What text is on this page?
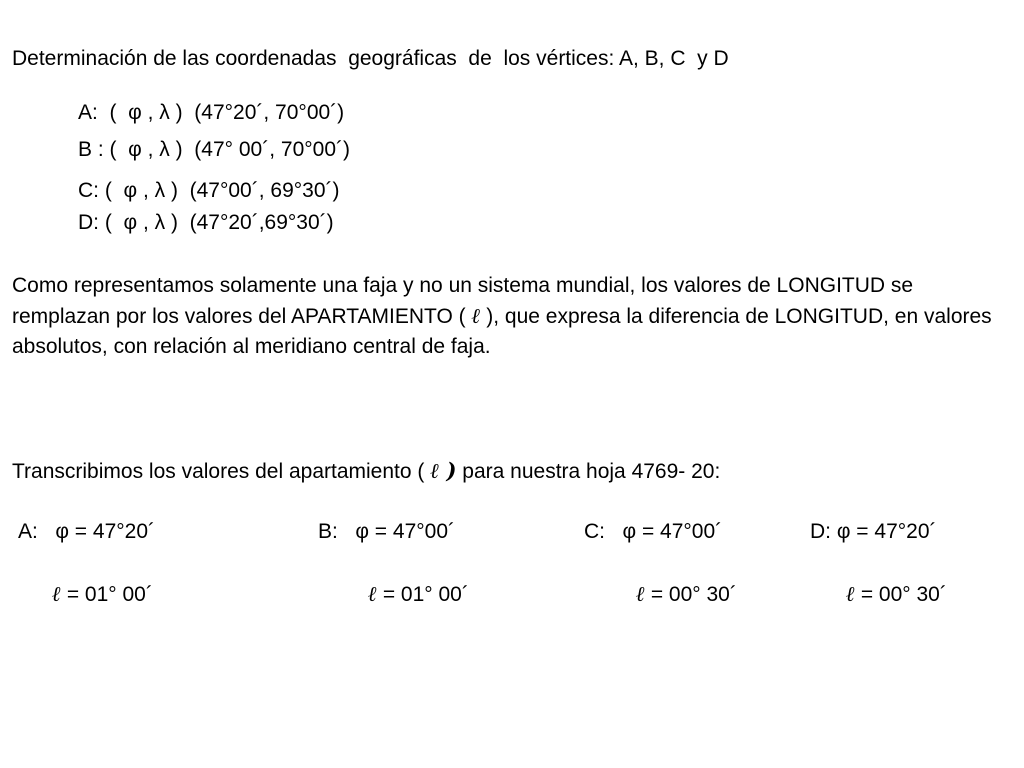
Determinación de las coordenadas  geográficas  de  los vértices: A, B, C  y D
A:  (  φ , λ )  (47°20´, 70°00´)
B : (  φ , λ )  (47° 00´, 70°00´)
C: (  φ , λ )  (47°00´, 69°30´)
D: (  φ , λ )  (47°20´,69°30´)
Como representamos solamente una faja y no un sistema mundial, los valores de LONGITUD se remplazan por los valores del APARTAMIENTO ( ℓ ), que expresa la diferencia de LONGITUD, en valores absolutos, con relación al meridiano central de faja.
Transcribimos los valores del apartamiento ( ℓ ) para nuestra hoja 4769- 20:
A:   φ = 47°20´	B:   φ = 47°00´	C:   φ = 47°00´	D: φ = 47°20´
ℓ = 01° 00´	ℓ = 01° 00´	ℓ = 00° 30´	ℓ = 00° 30´
